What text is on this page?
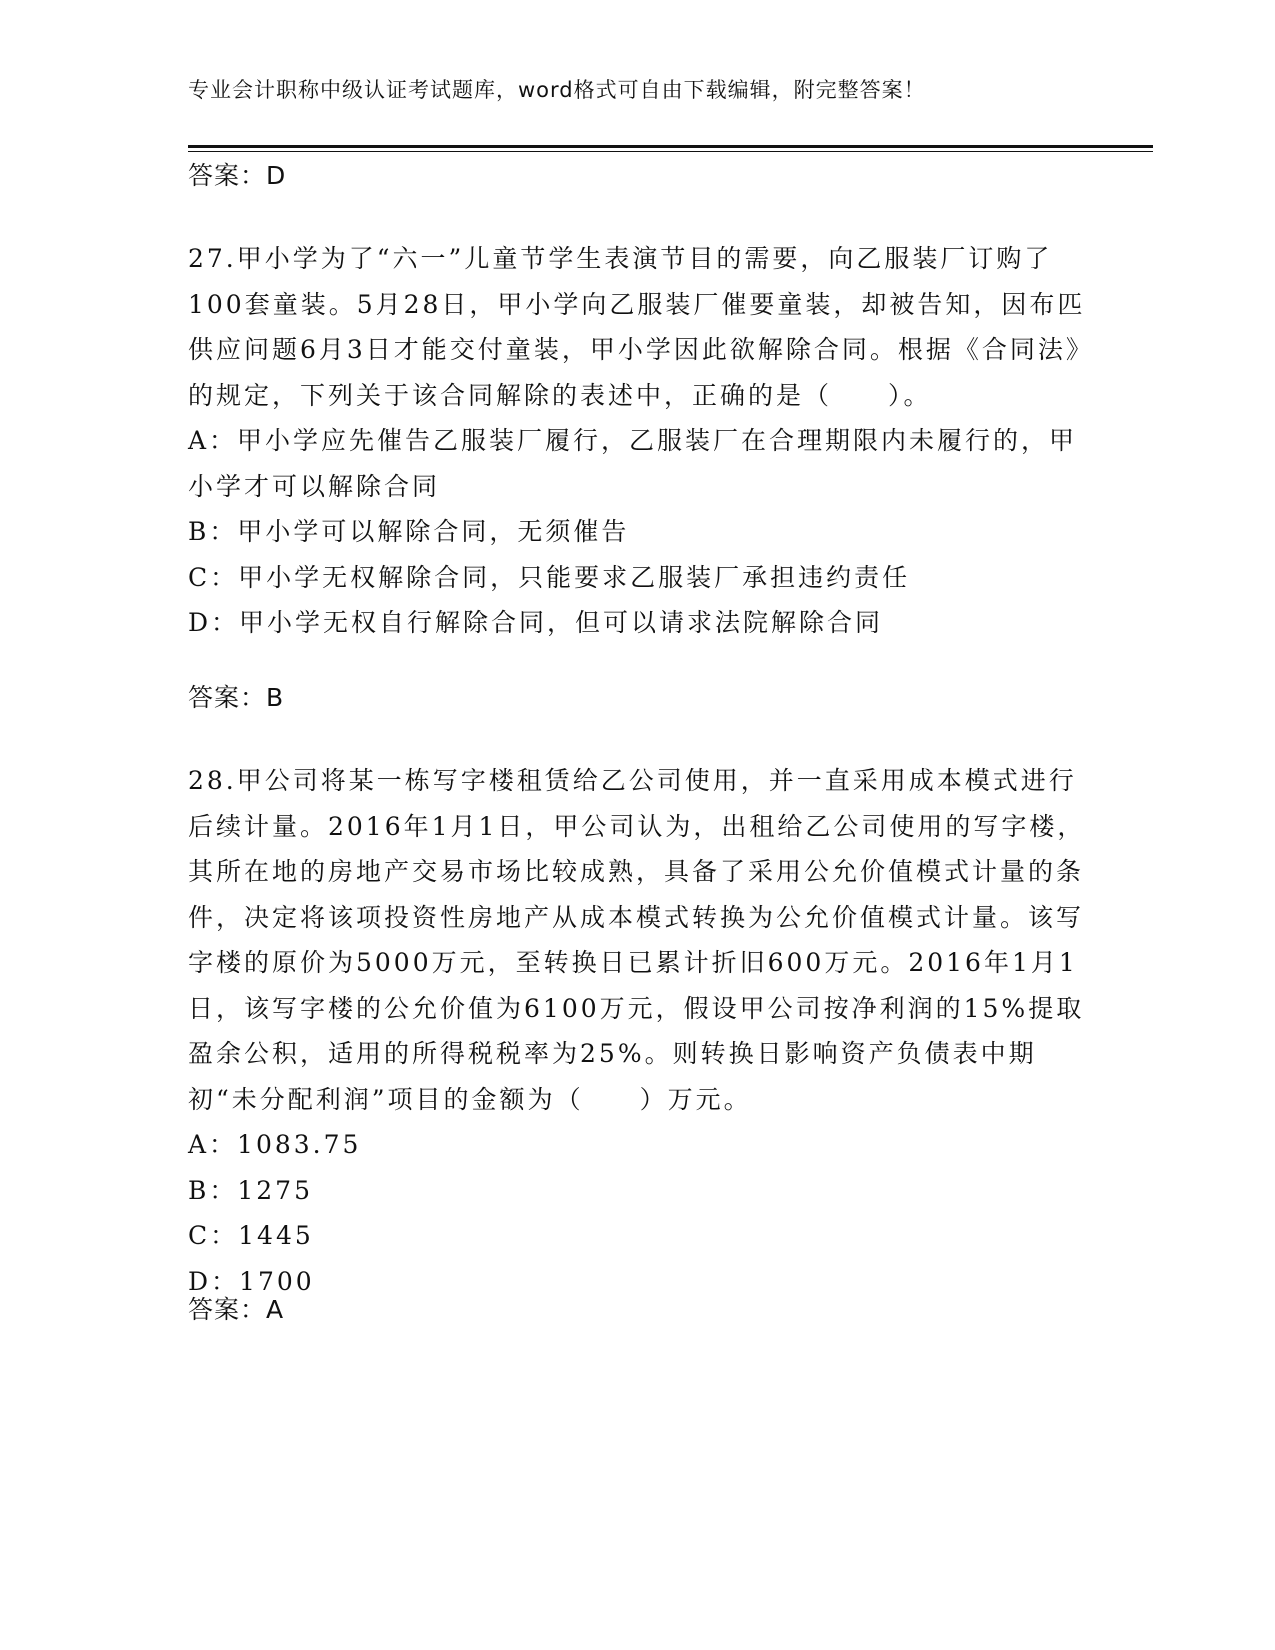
专业会计职称中级认证考试题库，word格式可自由下载编辑，附完整答案！
答案：D

27.甲小学为了“六一”儿童节学生表演节目的需要，向乙服装厂订购了100套童装。5月28日，甲小学向乙服装厂催要童装，却被告知，因布匹供应问题6月3日才能交付童装，甲小学因此欲解除合同。根据《合同法》的规定，下列关于该合同解除的表述中，正确的是（　　）。

A：甲小学应先催告乙服装厂履行，乙服装厂在合理期限内未履行的，甲小学才可以解除合同

B：甲小学可以解除合同，无须催告

C：甲小学无权解除合同，只能要求乙服装厂承担违约责任

D：甲小学无权自行解除合同，但可以请求法院解除合同

答案：B

28.甲公司将某一栋写字楼租赁给乙公司使用，并一直采用成本模式进行后续计量。2016年1月1日，甲公司认为，出租给乙公司使用的写字楼，其所在地的房地产交易市场比较成熟，具备了采用公允价值模式计量的条件，决定将该项投资性房地产从成本模式转换为公允价值模式计量。该写字楼的原价为5000万元，至转换日已累计折旧600万元。2016年1月1日，该写字楼的公允价值为6100万元，假设甲公司按净利润的15%提取盈余公积，适用的所得税税率为25%。则转换日影响资产负债表中期初“未分配利润”项目的金额为（　　）万元。

A：1083.75

B：1275

C：1445

D：1700

答案：A
